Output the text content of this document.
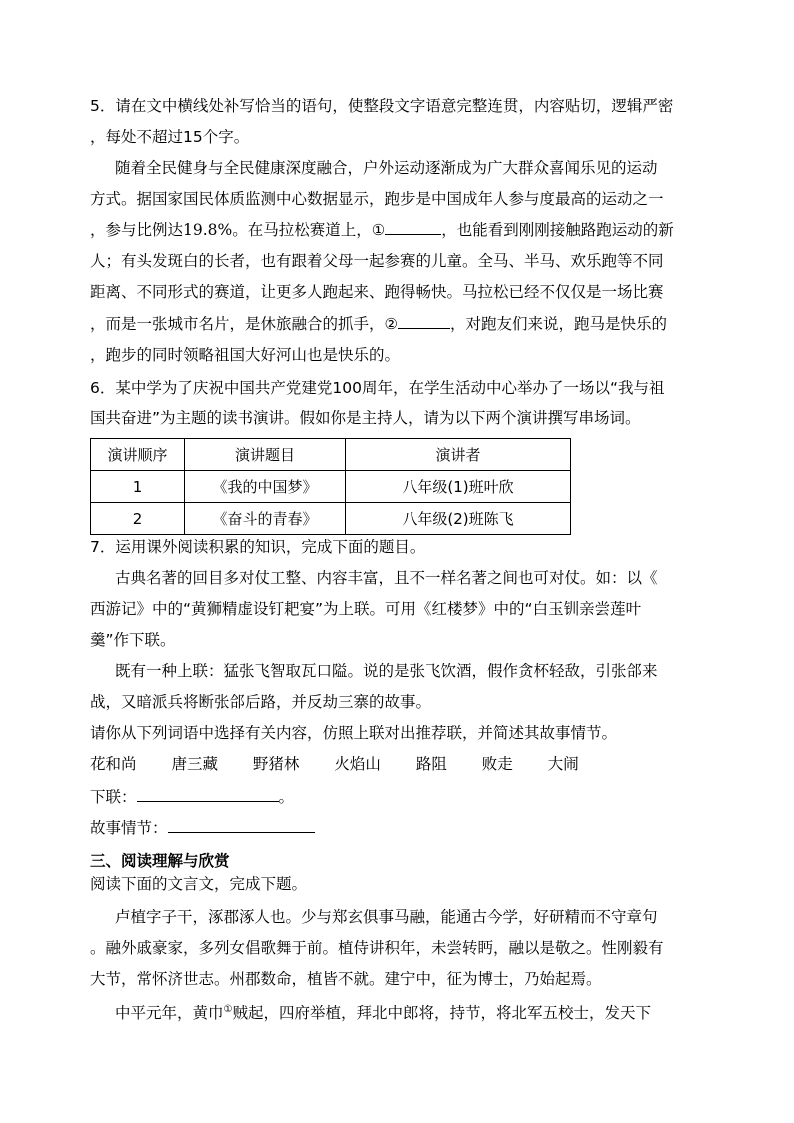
5．请在文中横线处补写恰当的语句，使整段文字语意完整连贯，内容贴切，逻辑严密
，每处不超过15个字。
随着全民健身与全民健康深度融合，户外运动逐渐成为广大群众喜闻乐见的运动
方式。据国家国民体质监测中心数据显示，跑步是中国成年人参与度最高的运动之一
，参与比例达19.8%。在马拉松赛道上，①	，也能看到刚刚接触路跑运动的新
人；有头发斑白的长者，也有跟着父母一起参赛的儿童。全马、半马、欢乐跑等不同
距离、不同形式的赛道，让更多人跑起来、跑得畅快。马拉松已经不仅仅是一场比赛
，而是一张城市名片，是休旅融合的抓手，②	，对跑友们来说，跑马是快乐的
，跑步的同时领略祖国大好河山也是快乐的。
6．某中学为了庆祝中国共产党建党100周年，在学生活动中心举办了一场以“我与祖
国共奋进”为主题的读书演讲。假如你是主持人，请为以下两个演讲撰写串场词。
演讲顺序	演讲题目	演讲者
1	《我的中国梦》	八年级(1)班叶欣
2	《奋斗的青春》	八年级(2)班陈飞
7．运用课外阅读积累的知识，完成下面的题目。
古典名著的回目多对仗工整、内容丰富，且不一样名著之间也可对仗。如：以《
西游记》中的“黄狮精虚设钉耙宴”为上联。可用《红楼梦》中的“白玉钏亲尝莲叶
羹”作下联。
既有一种上联：猛张飞智取瓦口隘。说的是张飞饮酒，假作贪杯轻敌，引张郃来
战，又暗派兵将断张郃后路，并反劫三寨的故事。
请你从下列词语中选择有关内容，仿照上联对出推荐联，并简述其故事情节。
花和尚 唐三藏 野猪林 火焰山 路阻 败走 大闹
下联：	。
故事情节：
三、阅读理解与欣赏
阅读下面的文言文，完成下题。
卢植字子干，涿郡涿人也。少与郑玄俱事马融，能通古今学，好研精而不守章句
。融外戚豪家，多列女倡歌舞于前。植侍讲积年，未尝转眄，融以是敬之。性刚毅有
大节，常怀济世志。州郡数命，植皆不就。建宁中，征为博士，乃始起焉。
中平元年，黄巾①贼起，四府举植，拜北中郎将，持节，将北军五校士，发天下
